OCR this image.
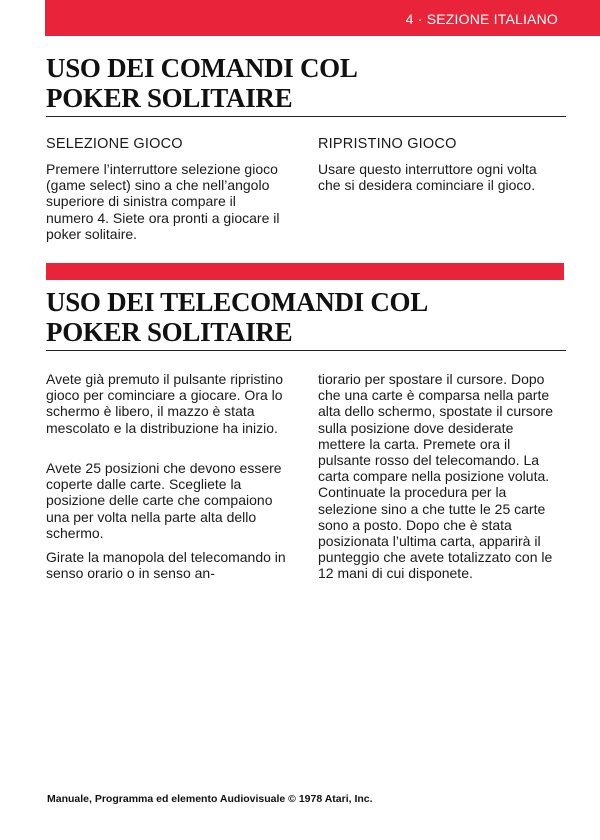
4 · SEZIONE ITALIANO
USO DEI COMANDI COL
POKER SOLITAIRE
SELEZIONE GIOCO

Premere l’interruttore selezione gioco (game select) sino a che nell’angolo superiore di sinistra compare il numero 4. Siete ora pronti a giocare il poker solitaire.

RIPRISTINO GIOCO

Usare questo interruttore ogni volta che si desidera cominciare il gioco.

USO DEI TELECOMANDI COL
POKER SOLITAIRE

Avete già premuto il pulsante ripristino gioco per cominciare a giocare. Ora lo schermo è libero, il mazzo è stata mescolato e la distribuzione ha inizio.

Avete 25 posizioni che devono essere coperte dalle carte. Scegliete la posizione delle carte che compaiono una per volta nella parte alta dello schermo.

Girate la manopola del telecomando in senso orario o in senso an-

tiorario per spostare il cursore. Dopo che una carte è comparsa nella parte alta dello schermo, spostate il cursore sulla posizione dove desiderate mettere la carta. Premete ora il pulsante rosso del telecomando. La carta compare nella posizione voluta. Continuate la procedura per la selezione sino a che tutte le 25 carte sono a posto. Dopo che è stata posizionata l’ultima carta, apparirà il punteggio che avete totalizzato con le 12 mani di cui disponete.

Manuale, Programma ed elemento Audiovisuale © 1978 Atari, Inc.
